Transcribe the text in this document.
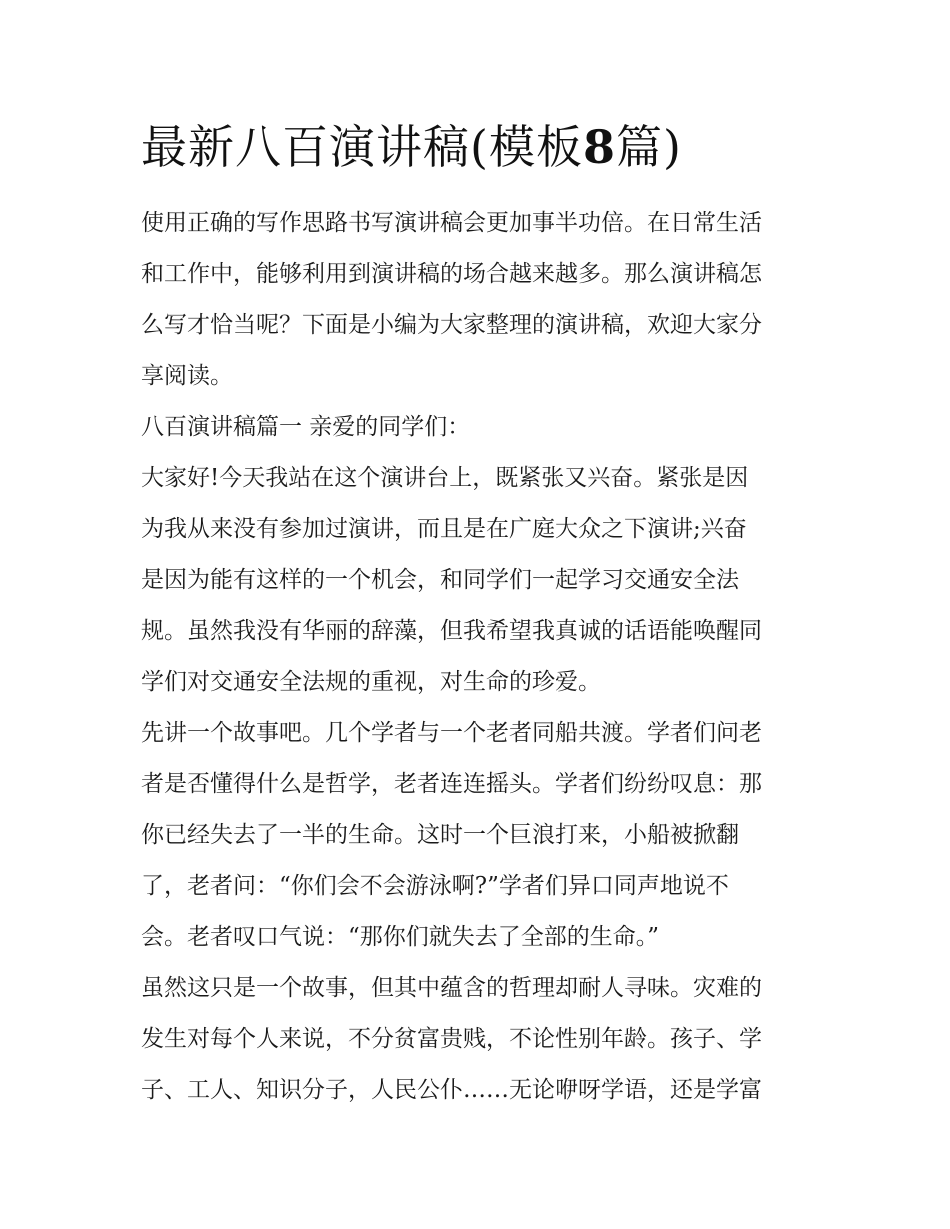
最新八百演讲稿(模板8篇)
使用正确的写作思路书写演讲稿会更加事半功倍。在日常生活
和工作中，能够利用到演讲稿的场合越来越多。那么演讲稿怎
么写才恰当呢？下面是小编为大家整理的演讲稿，欢迎大家分
享阅读。
八百演讲稿篇一 亲爱的同学们：
大家好!今天我站在这个演讲台上，既紧张又兴奋。紧张是因
为我从来没有参加过演讲，而且是在广庭大众之下演讲;兴奋
是因为能有这样的一个机会，和同学们一起学习交通安全法
规。虽然我没有华丽的辞藻，但我希望我真诚的话语能唤醒同
学们对交通安全法规的重视，对生命的珍爱。
先讲一个故事吧。几个学者与一个老者同船共渡。学者们问老
者是否懂得什么是哲学，老者连连摇头。学者们纷纷叹息：那
你已经失去了一半的生命。这时一个巨浪打来，小船被掀翻
了，老者问：“你们会不会游泳啊?”学者们异口同声地说不
会。老者叹口气说：“那你们就失去了全部的生命。”
虽然这只是一个故事，但其中蕴含的哲理却耐人寻味。灾难的
发生对每个人来说，不分贫富贵贱，不论性别年龄。孩子、学
子、工人、知识分子，人民公仆……无论咿呀学语，还是学富
